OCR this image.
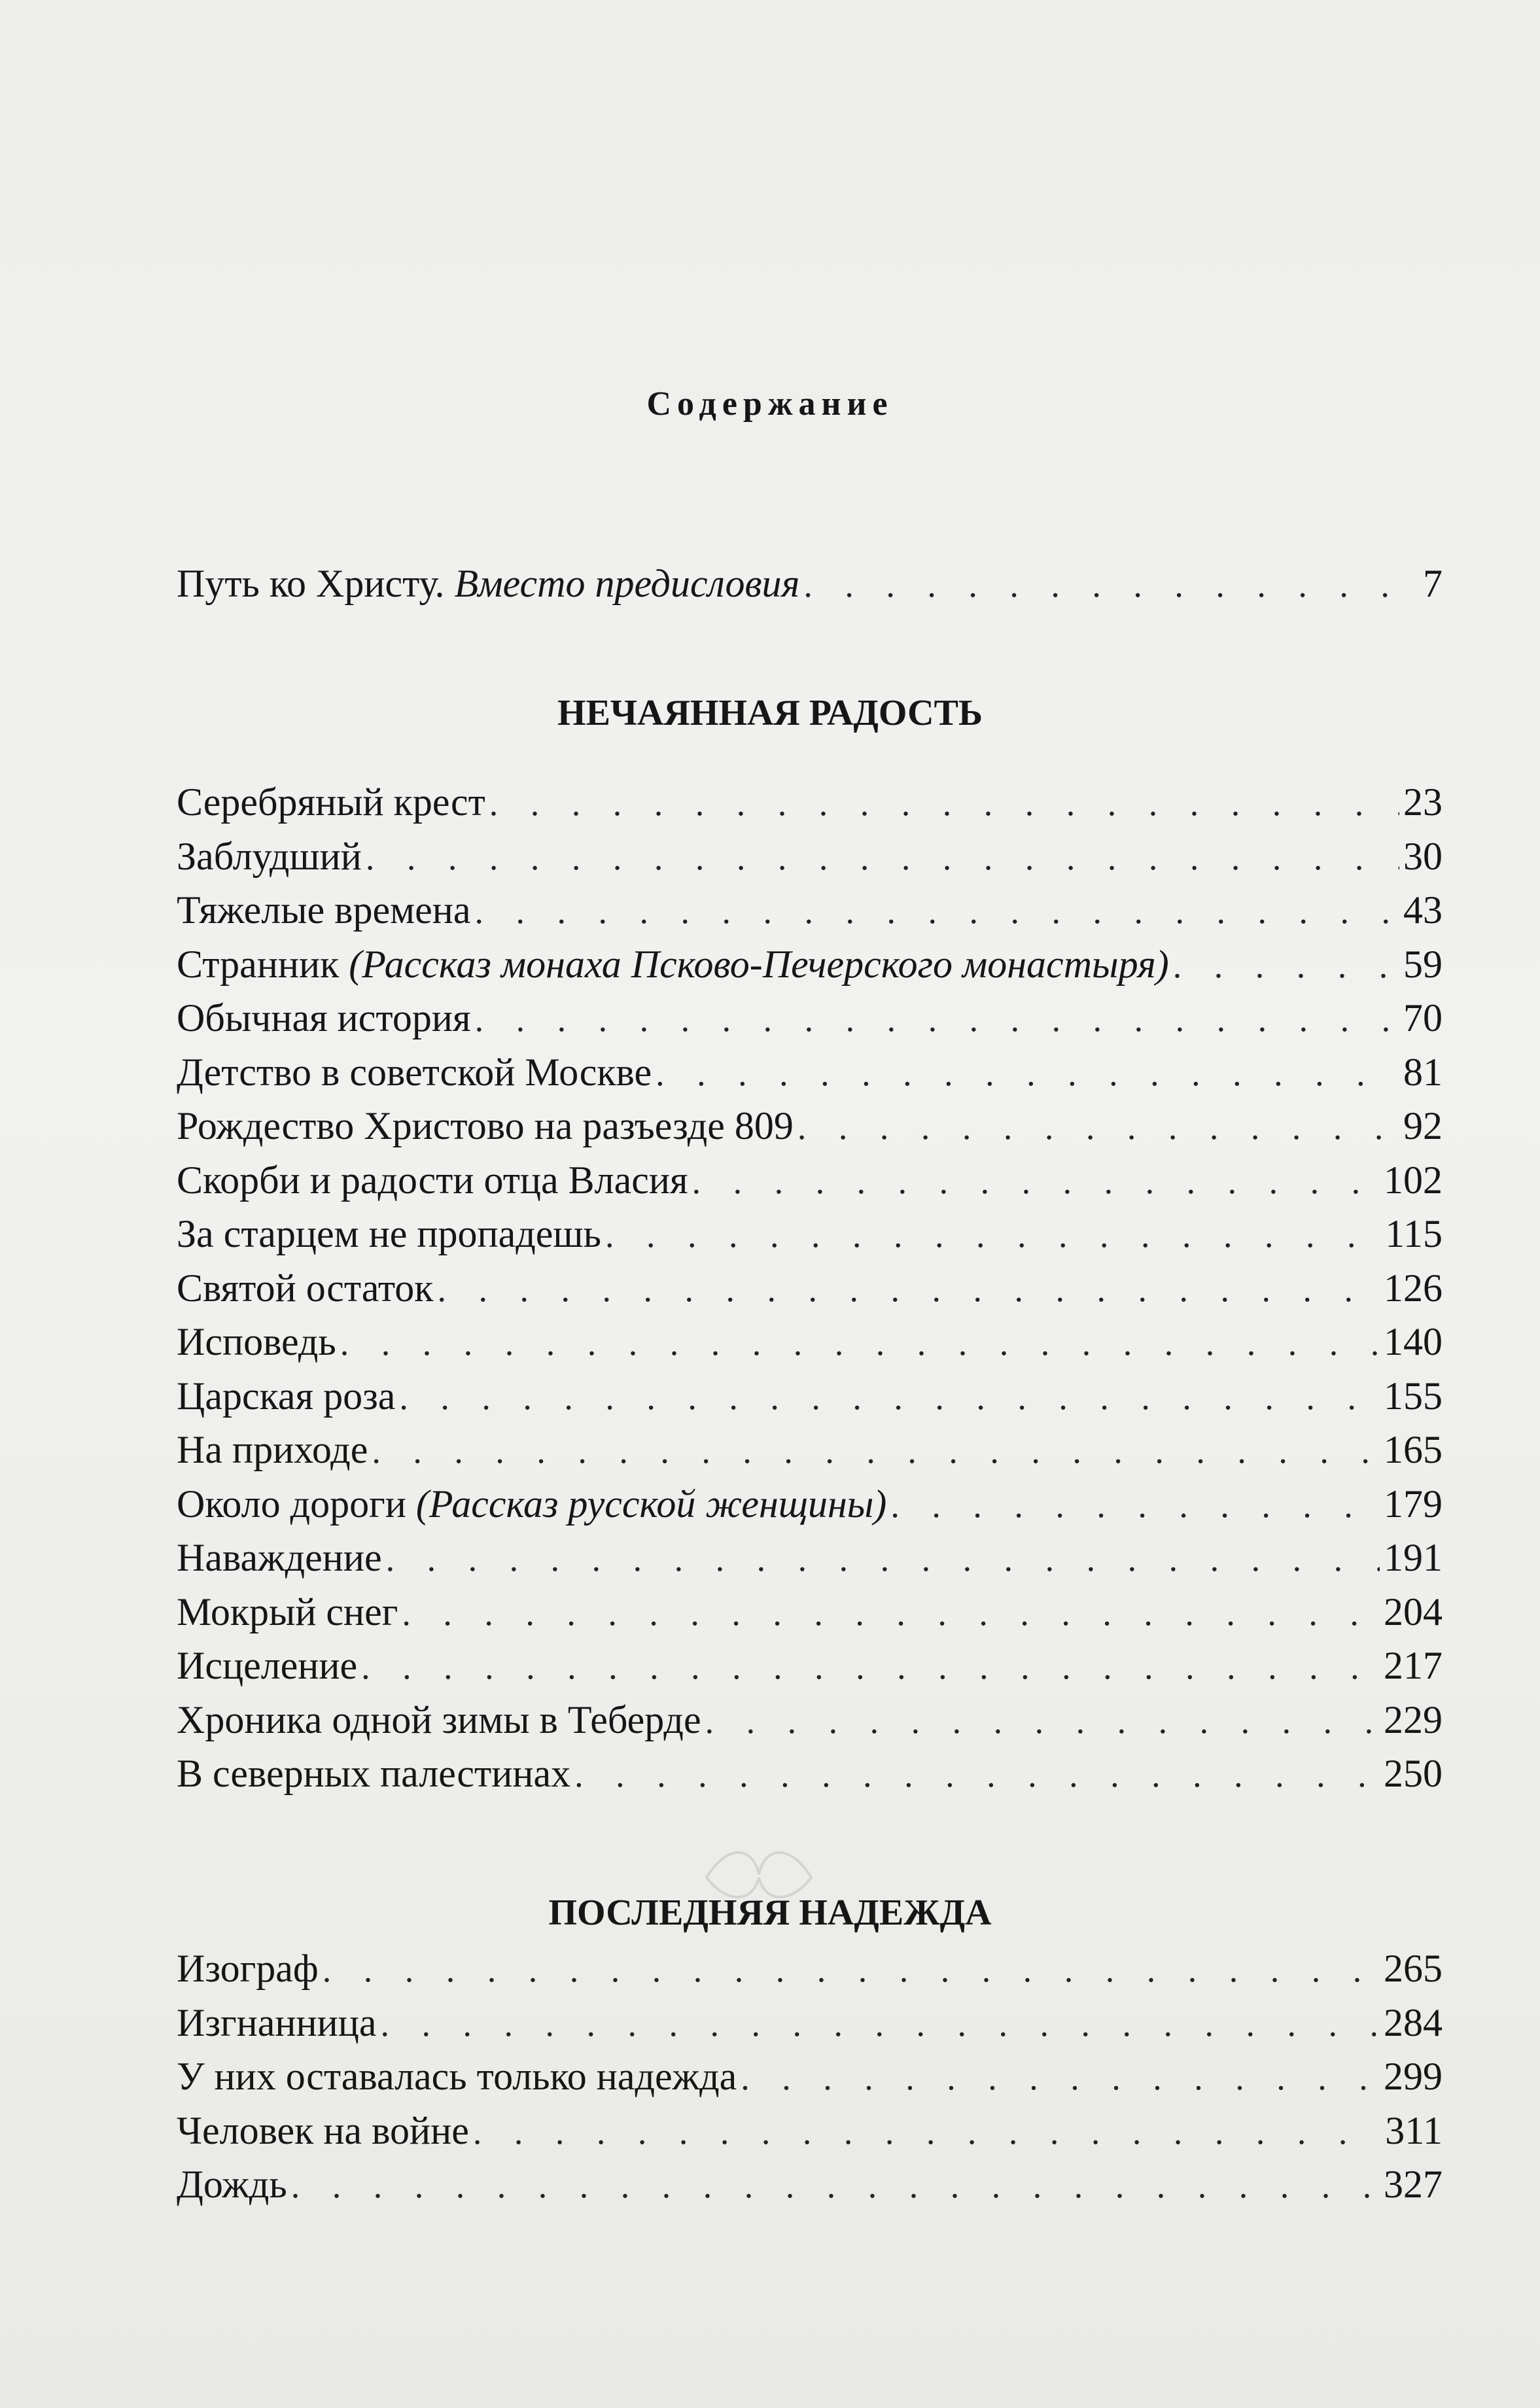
Содержание
Путь ко Христу. Вместо предисловия . . .	7
НЕЧАЯННАЯ РАДОСТЬ
Серебряный крест . . .	23
Заблудший . . .	30
Тяжелые времена . . .	43
Странник (Рассказ монаха Псково-Печерского монастыря) . . .	59
Обычная история . . .	70
Детство в советской Москве . . .	81
Рождество Христово на разъезде 809 . . .	92
Скорби и радости отца Власия . . .	102
За старцем не пропадешь . . .	115
Святой остаток . . .	126
Исповедь . . .	140
Царская роза . . .	155
На приходе . . .	165
Около дороги (Рассказ русской женщины) . . .	179
Наваждение . . .	191
Мокрый снег . . .	204
Исцеление . . .	217
Хроника одной зимы в Теберде . . .	229
В северных палестинах . . .	250
ПОСЛЕДНЯЯ НАДЕЖДА
Изограф . . .	265
Изгнанница . . .	284
У них оставалась только надежда . . .	299
Человек на войне . . .	311
Дождь . . .	327
